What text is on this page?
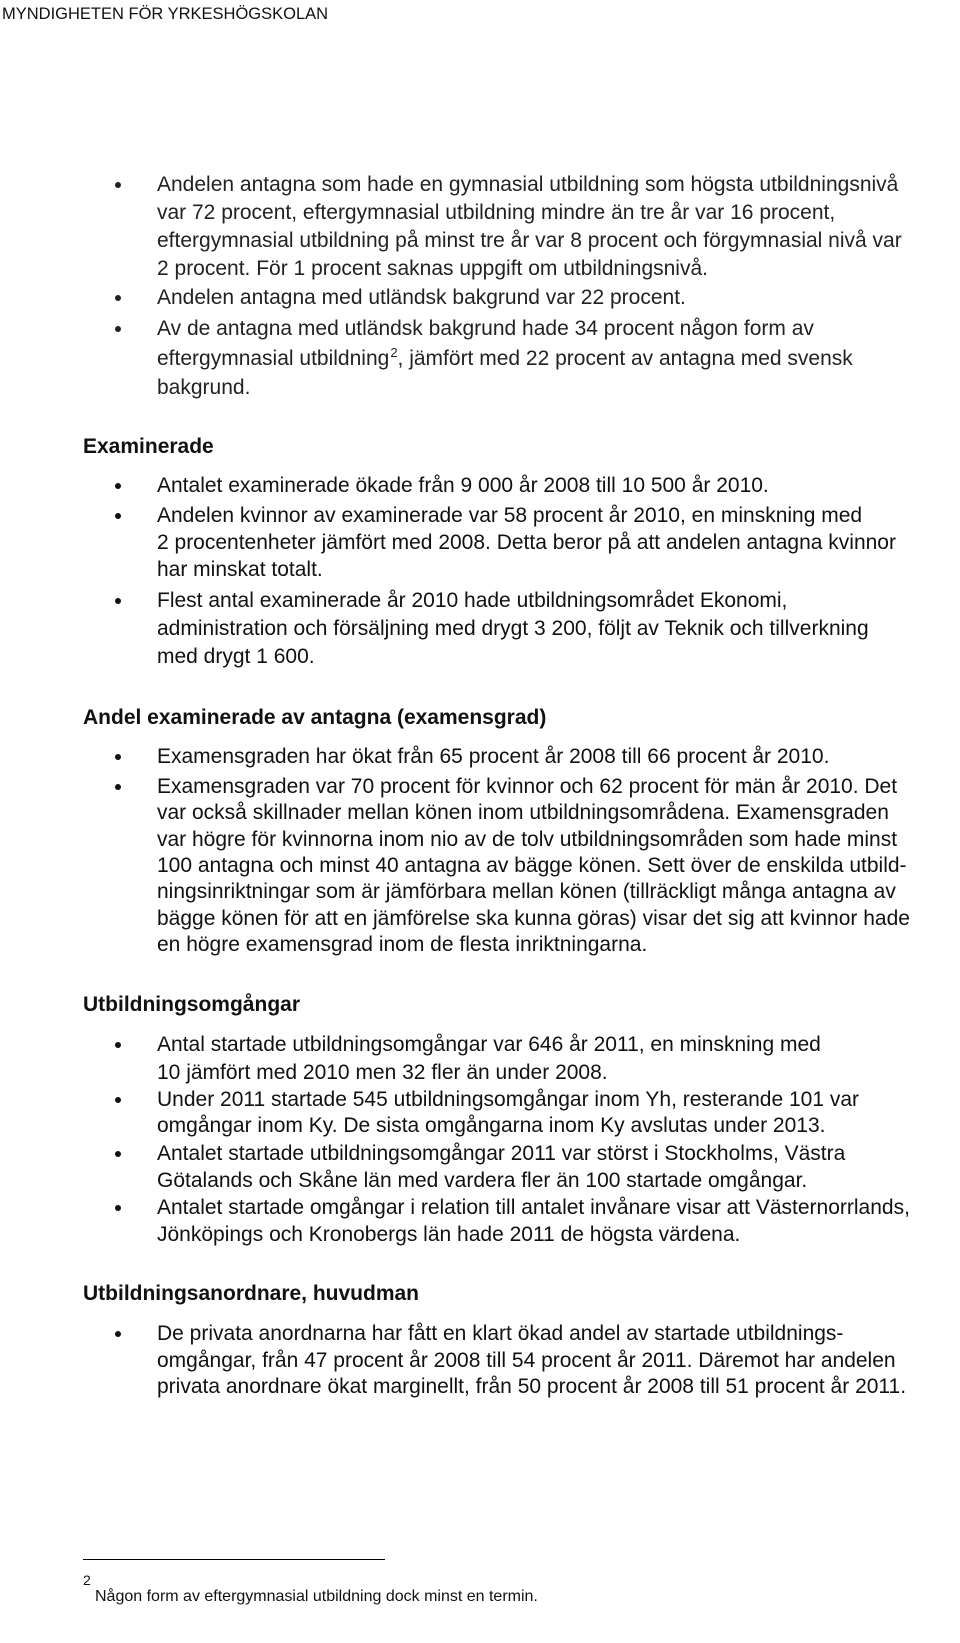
MYNDIGHETEN FÖR YRKESHÖGSKOLAN
Andelen antagna som hade en gymnasial utbildning som högsta utbildningsnivå
var 72 procent, eftergymnasial utbildning mindre än tre år var 16 procent,
eftergymnasial utbildning på minst tre år var 8 procent och förgymnasial nivå var
2 procent. För 1 procent saknas uppgift om utbildningsnivå.
Andelen antagna med utländsk bakgrund var 22 procent.
Av de antagna med utländsk bakgrund hade 34 procent någon form av
eftergymnasial utbildning$^2$, jämfört med 22 procent av antagna med svensk
bakgrund.
Examinerade
Antalet examinerade ökade från 9 000 år 2008 till 10 500 år 2010.
Andelen kvinnor av examinerade var 58 procent år 2010, en minskning med
2 procentenheter jämfört med 2008. Detta beror på att andelen antagna kvinnor
har minskat totalt.
Flest antal examinerade år 2010 hade utbildningsområdet Ekonomi,
administration och försäljning med drygt 3 200, följt av Teknik och tillverkning
med drygt 1 600.
Andel examinerade av antagna (examensgrad)
Examensgraden har ökat från 65 procent år 2008 till 66 procent år 2010.
Examensgraden var 70 procent för kvinnor och 62 procent för män år 2010. Det
var också skillnader mellan könen inom utbildningsområdena. Examensgraden
var högre för kvinnorna inom nio av de tolv utbildningsområden som hade minst
100 antagna och minst 40 antagna av bägge könen. Sett över de enskilda utbild-
ningsinriktningar som är jämförbara mellan könen (tillräckligt många antagna av
bägge könen för att en jämförelse ska kunna göras) visar det sig att kvinnor hade
en högre examensgrad inom de flesta inriktningarna.
Utbildningsomgångar
Antal startade utbildningsomgångar var 646 år 2011, en minskning med
10 jämfört med 2010 men 32 fler än under 2008.
Under 2011 startade 545 utbildningsomgångar inom Yh, resterande 101 var
omgångar inom Ky. De sista omgångarna inom Ky avslutas under 2013.
Antalet startade utbildningsomgångar 2011 var störst i Stockholms, Västra
Götalands och Skåne län med vardera fler än 100 startade omgångar.
Antalet startade omgångar i relation till antalet invånare visar att Västernorrlands,
Jönköpings och Kronobergs län hade 2011 de högsta värdena.
Utbildningsanordnare, huvudman
De privata anordnarna har fått en klart ökad andel av startade utbildnings-
omgångar, från 47 procent år 2008 till 54 procent år 2011. Däremot har andelen
privata anordnare ökat marginellt, från 50 procent år 2008 till 51 procent år 2011.
2
Någon form av eftergymnasial utbildning dock minst en termin.
